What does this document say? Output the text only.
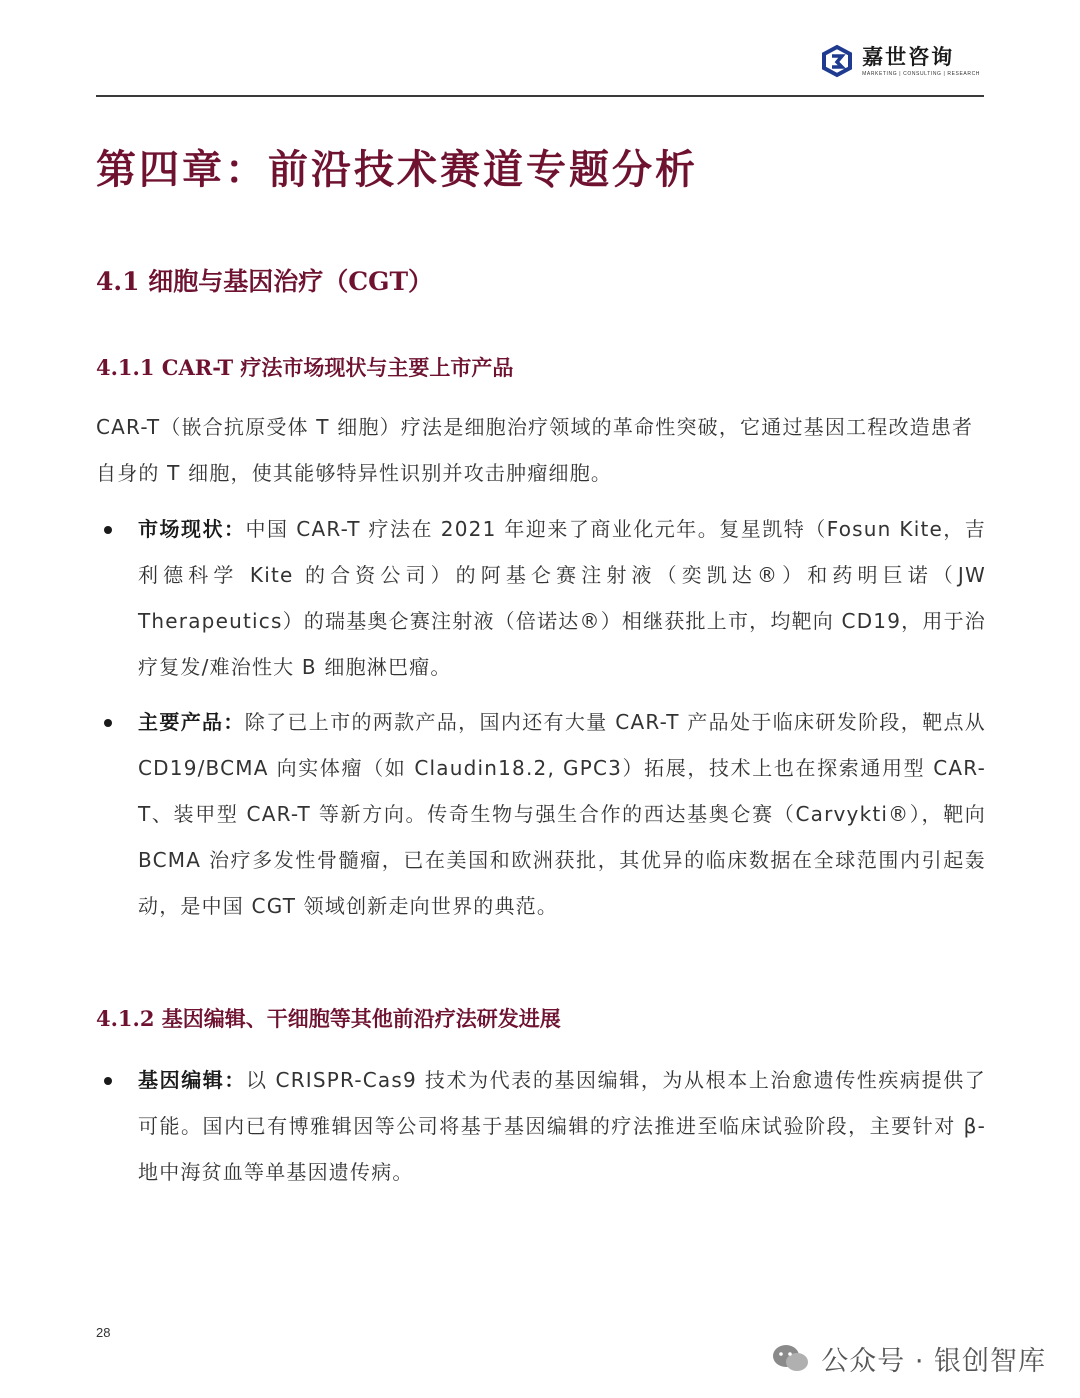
嘉世咨询
MARKETING | CONSULTING | RESEARCH
第四章：前沿技术赛道专题分析
4.1 细胞与基因治疗（CGT）
4.1.1 CAR-T 疗法市场现状与主要上市产品

CAR-T（嵌合抗原受体 T 细胞）疗法是细胞治疗领域的革命性突破，它通过基因工程改造患者自身的 T 细胞，使其能够特异性识别并攻击肿瘤细胞。

市场现状：中国 CAR-T 疗法在 2021 年迎来了商业化元年。复星凯特（Fosun Kite，吉利德科学 Kite 的合资公司）的阿基仑赛注射液（奕凯达®）和药明巨诺（JW Therapeutics）的瑞基奥仑赛注射液（倍诺达®）相继获批上市，均靶向 CD19，用于治疗复发/难治性大 B 细胞淋巴瘤。
主要产品：除了已上市的两款产品，国内还有大量 CAR-T 产品处于临床研发阶段，靶点从 CD19/BCMA 向实体瘤（如 Claudin18.2, GPC3）拓展，技术上也在探索通用型 CAR-T、装甲型 CAR-T 等新方向。传奇生物与强生合作的西达基奥仑赛（Carvykti®），靶向 BCMA 治疗多发性骨髓瘤，已在美国和欧洲获批，其优异的临床数据在全球范围内引起轰动，是中国 CGT 领域创新走向世界的典范。
4.1.2 基因编辑、干细胞等其他前沿疗法研发进展
基因编辑：以 CRISPR-Cas9 技术为代表的基因编辑，为从根本上治愈遗传性疾病提供了可能。国内已有博雅辑因等公司将基于基因编辑的疗法推进至临床试验阶段，主要针对 β-地中海贫血等单基因遗传病。
28
公众号 · 银创智库
